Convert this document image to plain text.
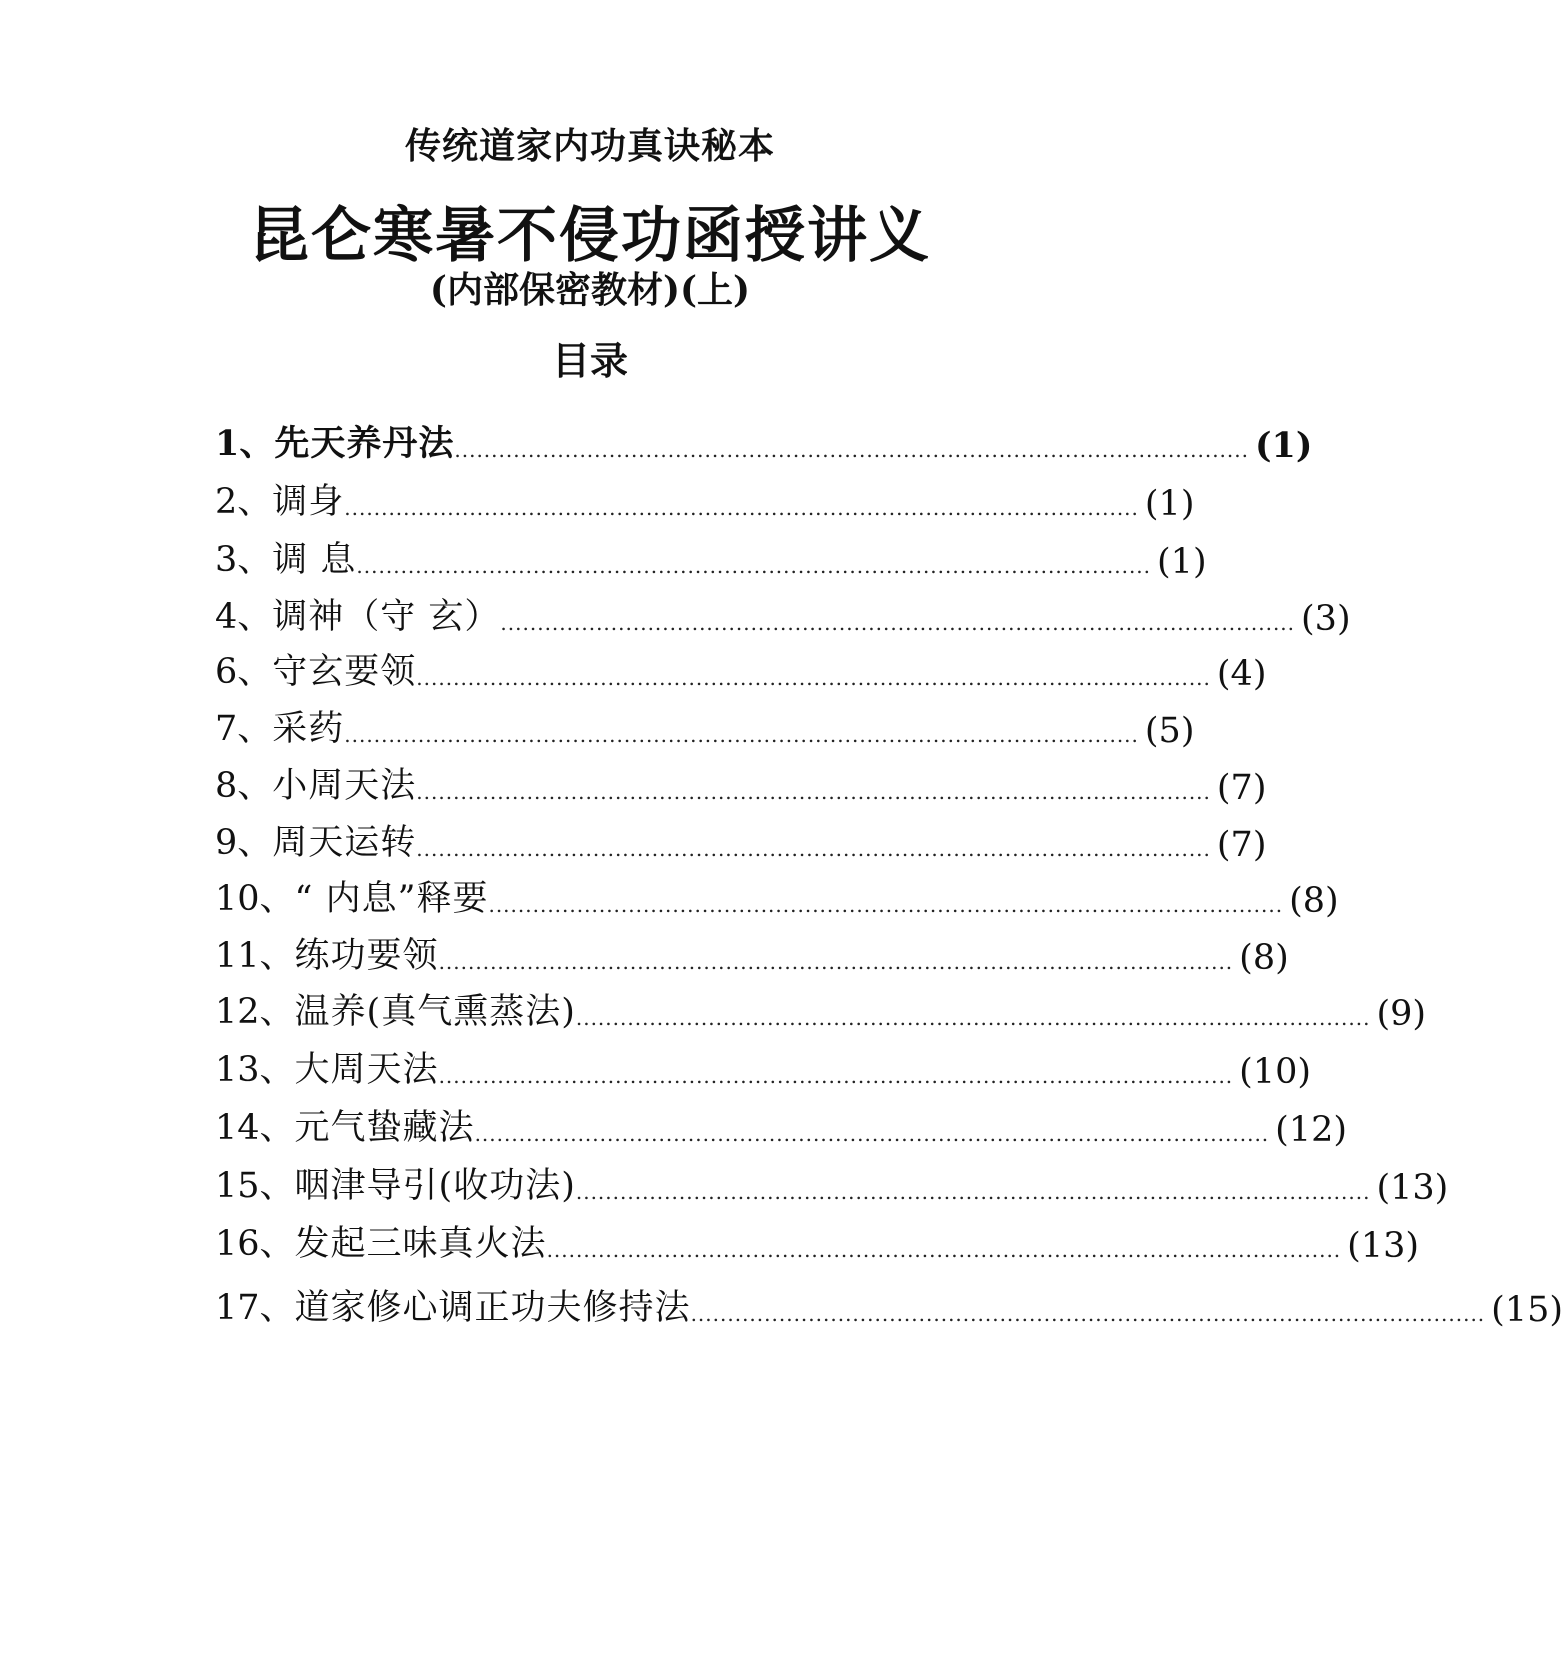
传统道家内功真诀秘本
昆仑寒暑不侵功函授讲义
(内部保密教材)(上)
目录
1、 先天养丹法 ............................................................................................................ (1)
2、 调身 ............................................................................................................ (1)
3、 调 息 ............................................................................................................ (1)
4、 调神（守 玄） ............................................................................................................ (3)
6、 守玄要领 ............................................................................................................ (4)
7、 采药 ............................................................................................................ (5)
8、 小周天法 ............................................................................................................ (7)
9、 周天运转 ............................................................................................................ (7)
10、 “ 内息”释要 ............................................................................................................ (8)
11、 练功要领 ............................................................................................................ (8)
12、 温养(真气熏蒸法) ............................................................................................................ (9)
13、 大周天法 ............................................................................................................ (10)
14、 元气蛰藏法 ............................................................................................................ (12)
15、 咽津导引(收功法) ............................................................................................................ (13)
16、 发起三味真火法 ............................................................................................................ (13)
17、 道家修心调正功夫修持法 ............................................................................................................ (15)
